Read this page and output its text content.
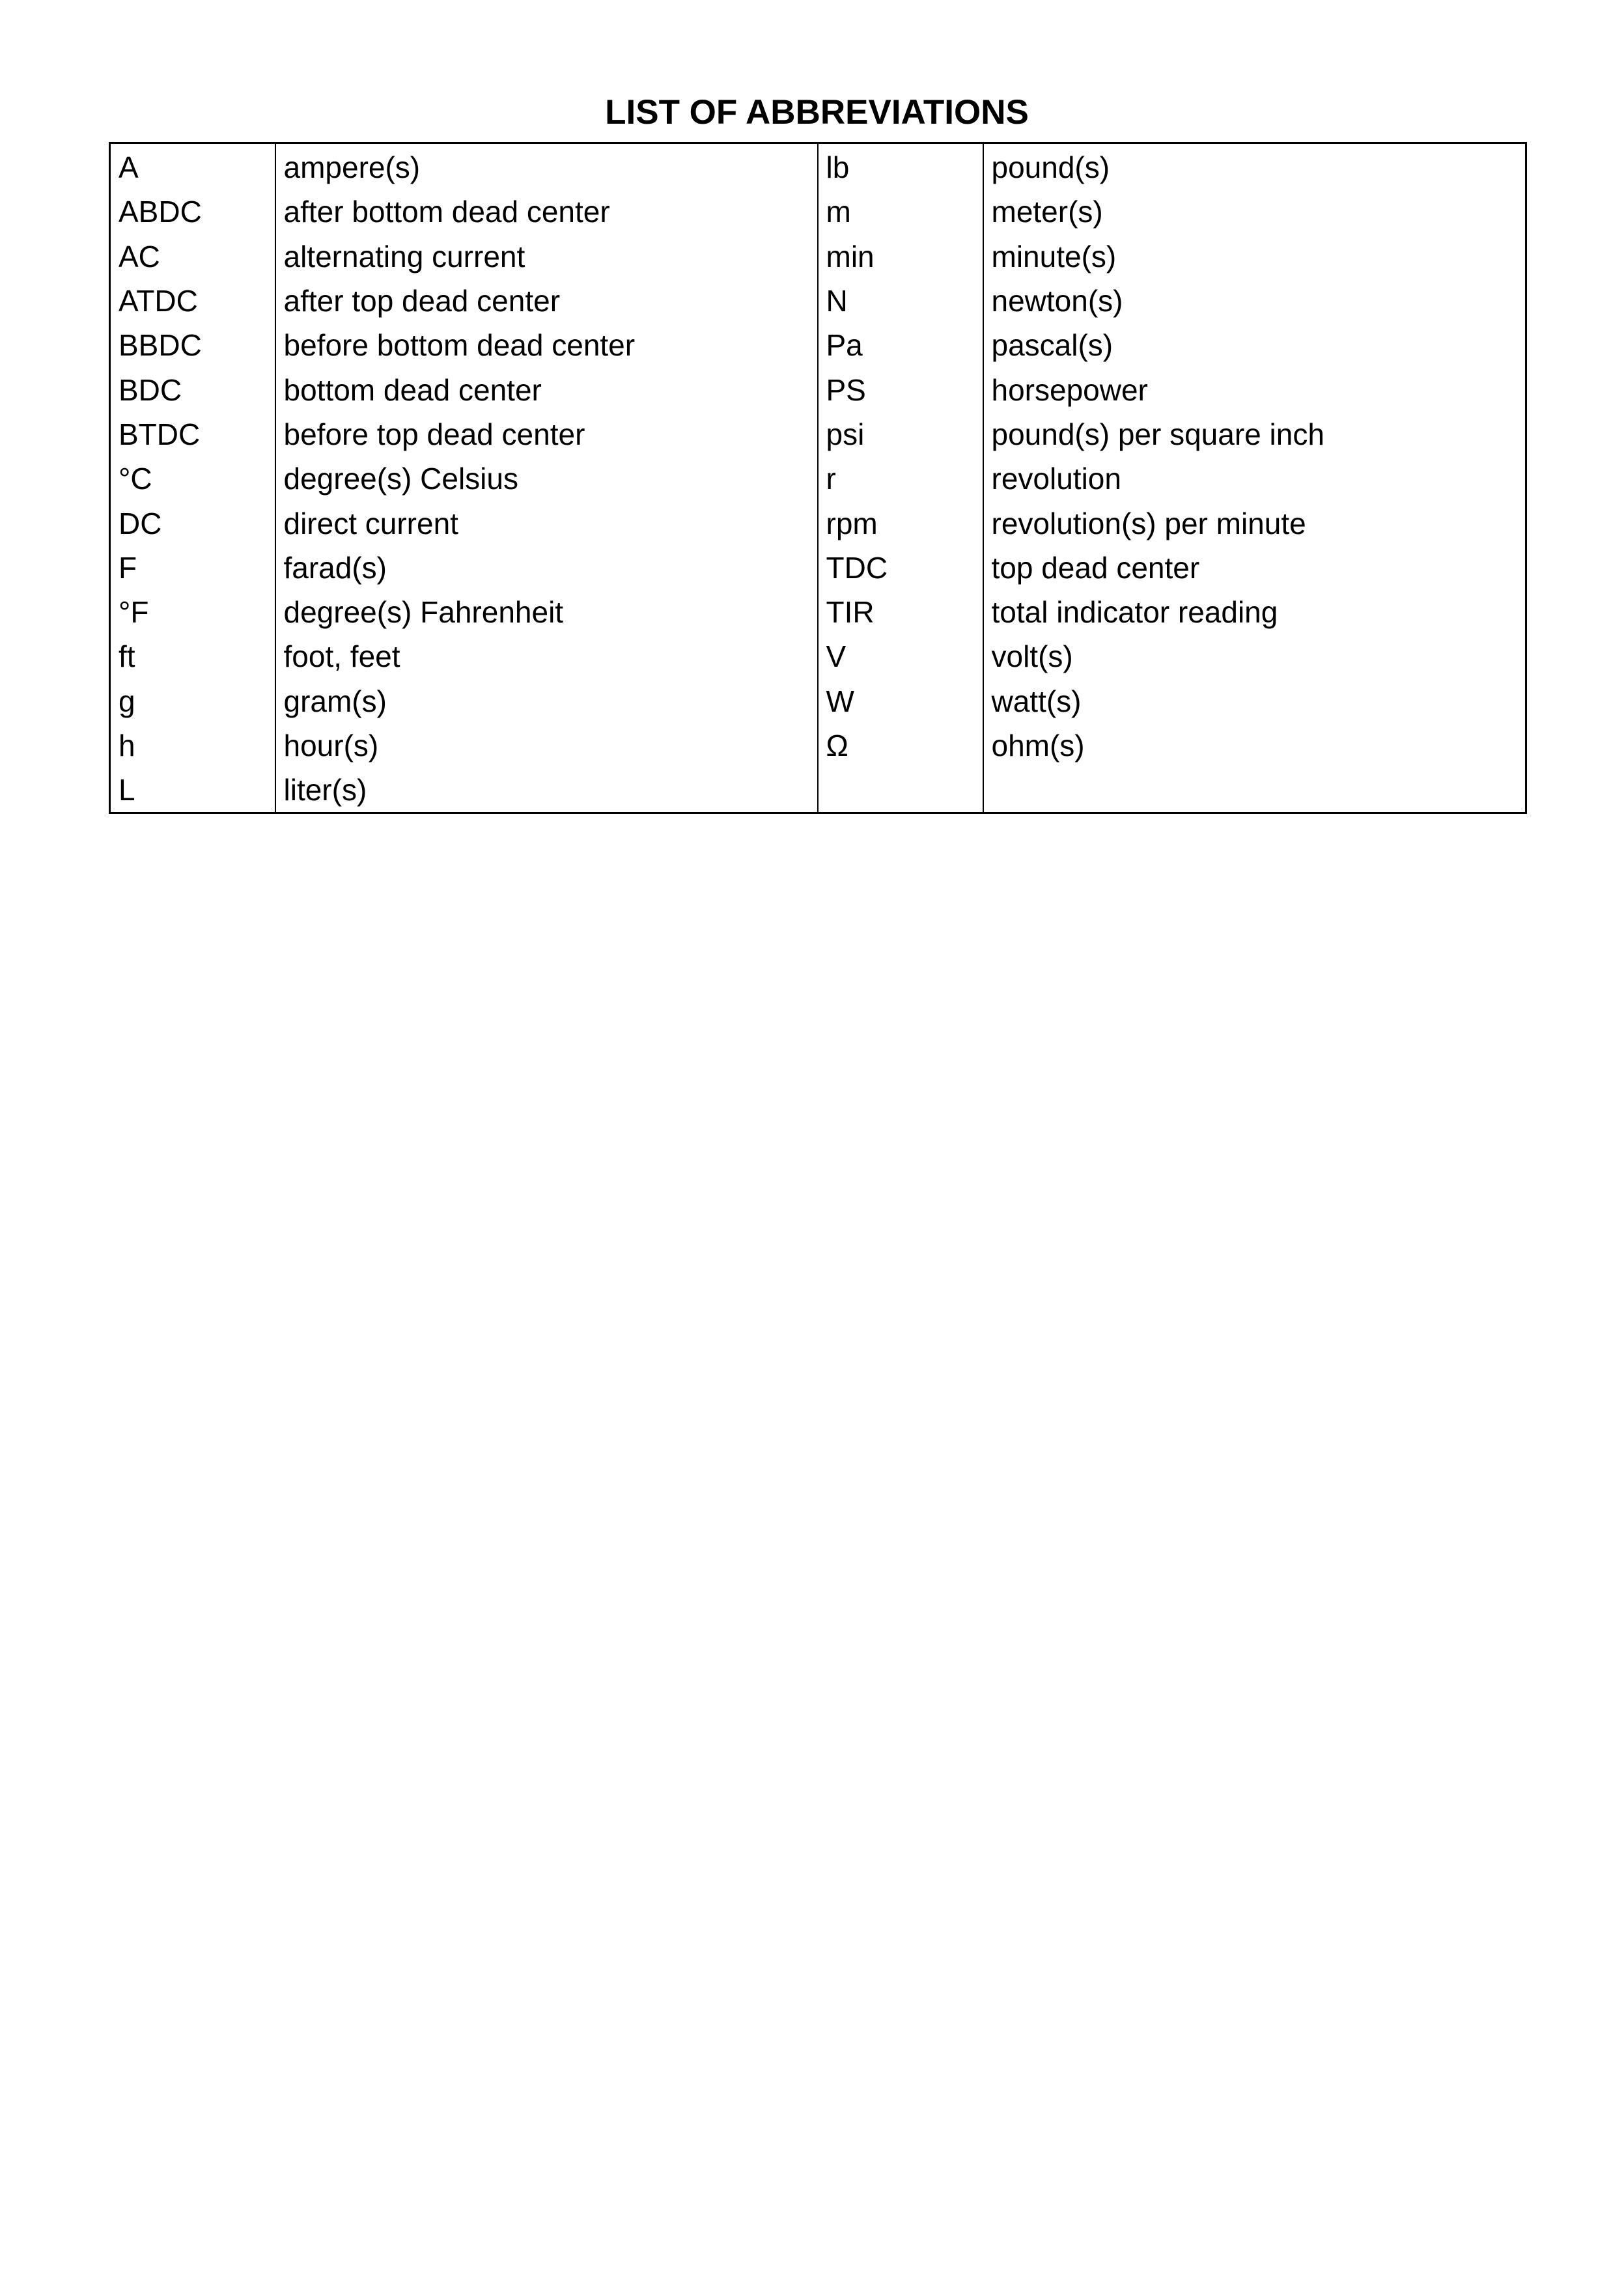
LIST OF ABBREVIATIONS
A	ampere(s)	lb	pound(s)
ABDC	after bottom dead center	m	meter(s)
AC	alternating current	min	minute(s)
ATDC	after top dead center	N	newton(s)
BBDC	before bottom dead center	Pa	pascal(s)
BDC	bottom dead center	PS	horsepower
BTDC	before top dead center	psi	pound(s) per square inch
°C	degree(s) Celsius	r	revolution
DC	direct current	rpm	revolution(s) per minute
F	farad(s)	TDC	top dead center
°F	degree(s) Fahrenheit	TIR	total indicator reading
ft	foot, feet	V	volt(s)
g	gram(s)	W	watt(s)
h	hour(s)	Ω	ohm(s)
L	liter(s)		
